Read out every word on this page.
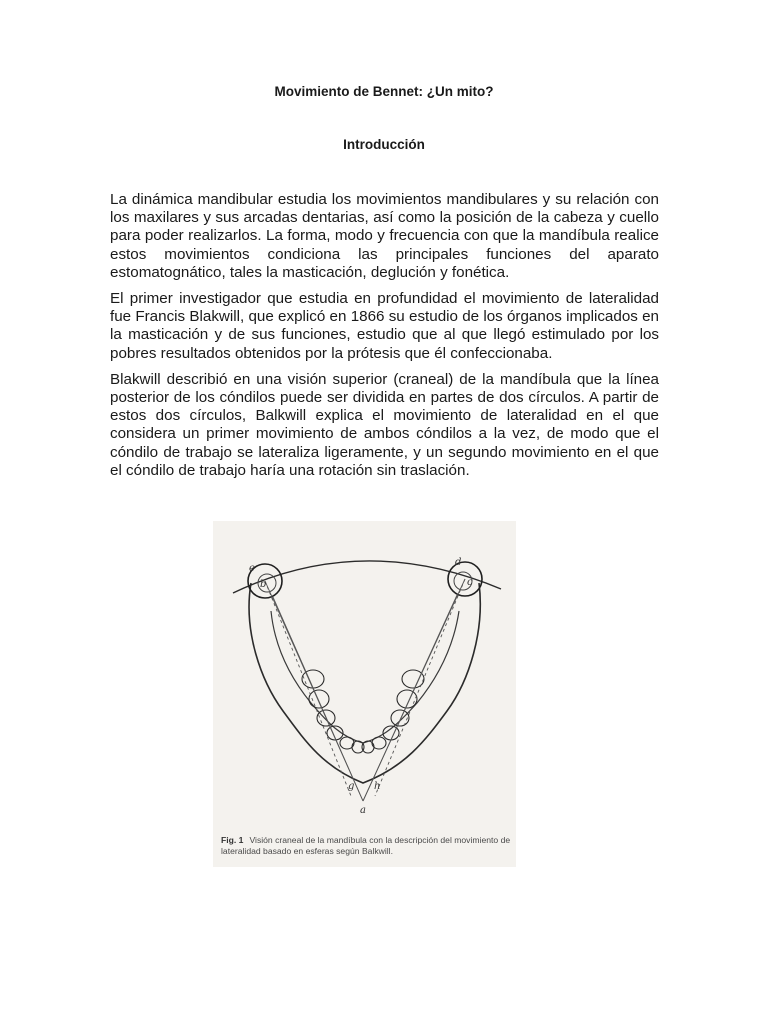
Movimiento de Bennet: ¿Un mito?
Introducción

La dinámica mandibular estudia los movimientos mandibulares y su relación con los maxilares y sus arcadas dentarias, así como la posición de la cabeza y cuello para poder realizarlos. La forma, modo y frecuencia con que la mandíbula realice estos movimientos condiciona las principales funciones del aparato estomatognático, tales la masticación, deglución y fonética.

El primer investigador que estudia en profundidad el movimiento de lateralidad fue Francis Blakwill, que explicó en 1866 su estudio de los órganos implicados en la masticación y de sus funciones, estudio que al que llegó estimulado por los pobres resultados obtenidos por la prótesis que él confeccionaba.

Blakwill describió en una visión superior (craneal) de la mandíbula que la línea posterior de los cóndilos puede ser dividida en partes de dos círculos. A partir de estos dos círculos, Balkwill explica el movimiento de lateralidad en el que considera un primer movimiento de ambos cóndilos a la vez, de modo que el cóndilo de trabajo se lateraliza ligeramente, y un segundo movimiento en el que el cóndilo de trabajo haría una rotación sin traslación.

e
b
d
c
a
g h

Fig. 1 Visión craneal de la mandíbula con la descripción del movimiento de lateralidad basado en esferas según Balkwill.
